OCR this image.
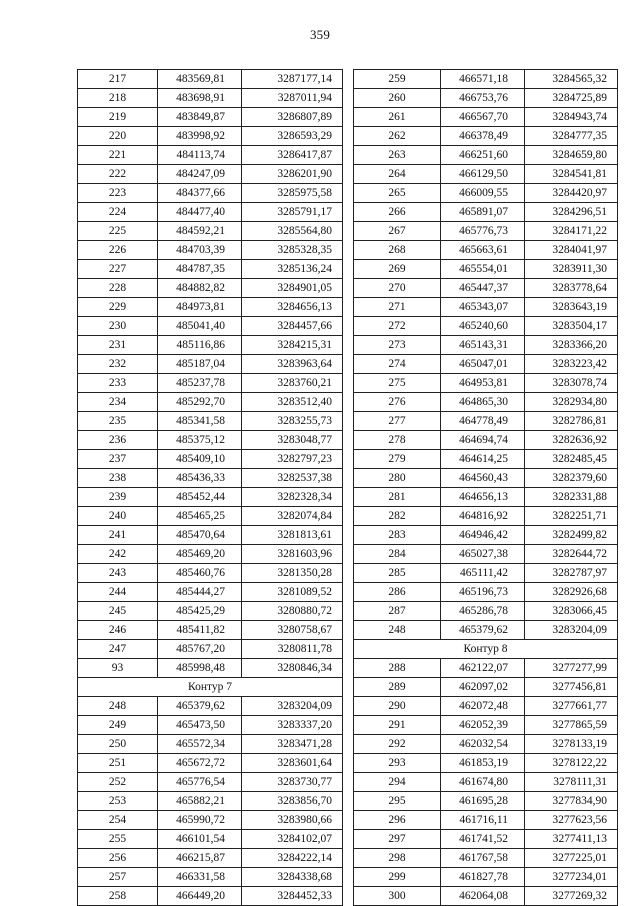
359
217	483569,81	3287177,14
218	483698,91	3287011,94
219	483849,87	3286807,89
220	483998,92	3286593,29
221	484113,74	3286417,87
222	484247,09	3286201,90
223	484377,66	3285975,58
224	484477,40	3285791,17
225	484592,21	3285564,80
226	484703,39	3285328,35
227	484787,35	3285136,24
228	484882,82	3284901,05
229	484973,81	3284656,13
230	485041,40	3284457,66
231	485116,86	3284215,31
232	485187,04	3283963,64
233	485237,78	3283760,21
234	485292,70	3283512,40
235	485341,58	3283255,73
236	485375,12	3283048,77
237	485409,10	3282797,23
238	485436,33	3282537,38
239	485452,44	3282328,34
240	485465,25	3282074,84
241	485470,64	3281813,61
242	485469,20	3281603,96
243	485460,76	3281350,28
244	485444,27	3281089,52
245	485425,29	3280880,72
246	485411,82	3280758,67
247	485767,20	3280811,78
93	485998,48	3280846,34
Контур 7		
248	465379,62	3283204,09
249	465473,50	3283337,20
250	465572,34	3283471,28
251	465672,72	3283601,64
252	465776,54	3283730,77
253	465882,21	3283856,70
254	465990,72	3283980,66
255	466101,54	3284102,07
256	466215,87	3284222,14
257	466331,58	3284338,68
258	466449,20	3284452,33
259	466571,18	3284565,32
260	466753,76	3284725,89
261	466567,70	3284943,74
262	466378,49	3284777,35
263	466251,60	3284659,80
264	466129,50	3284541,81
265	466009,55	3284420,97
266	465891,07	3284296,51
267	465776,73	3284171,22
268	465663,61	3284041,97
269	465554,01	3283911,30
270	465447,37	3283778,64
271	465343,07	3283643,19
272	465240,60	3283504,17
273	465143,31	3283366,20
274	465047,01	3283223,42
275	464953,81	3283078,74
276	464865,30	3282934,80
277	464778,49	3282786,81
278	464694,74	3282636,92
279	464614,25	3282485,45
280	464560,43	3282379,60
281	464656,13	3282331,88
282	464816,92	3282251,71
283	464946,42	3282499,82
284	465027,38	3282644,72
285	465111,42	3282787,97
286	465196,73	3282926,68
287	465286,78	3283066,45
248	465379,62	3283204,09
Контур 8		
288	462122,07	3277277,99
289	462097,02	3277456,81
290	462072,48	3277661,77
291	462052,39	3277865,59
292	462032,54	3278133,19
293	461853,19	3278122,22
294	461674,80	3278111,31
295	461695,28	3277834,90
296	461716,11	3277623,56
297	461741,52	3277411,13
298	461767,58	3277225,01
299	461827,78	3277234,01
300	462064,08	3277269,32
